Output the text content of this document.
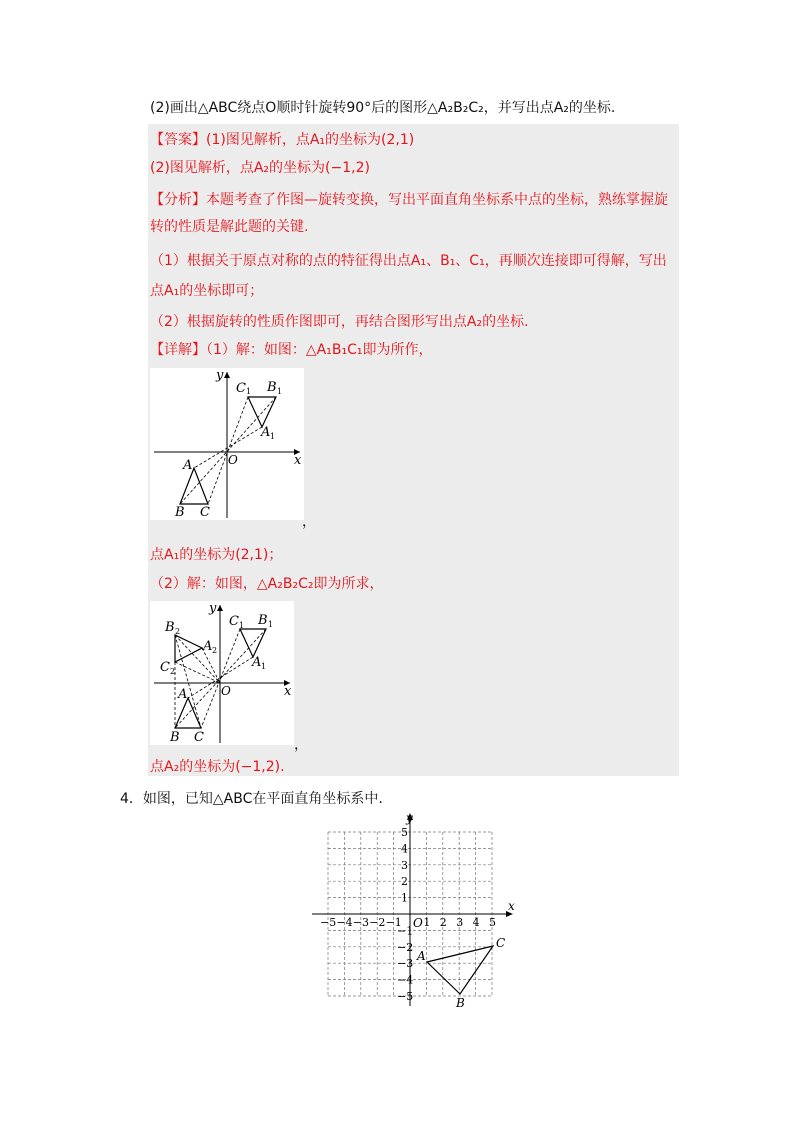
(2)画出△ABC绕点O顺时针旋转90°后的图形△A₂B₂C₂，并写出点A₂的坐标.
【答案】(1)图见解析，点A₁的坐标为(2,1)
(2)图见解析，点A₂的坐标为(−1,2)
【分析】本题考查了作图—旋转变换，写出平面直角坐标系中点的坐标，熟练掌握旋
转的性质是解此题的关键.
（1）根据关于原点对称的点的特征得出点A₁、B₁、C₁，再顺次连接即可得解，写出
点A₁的坐标即可；
（2）根据旋转的性质作图即可，再结合图形写出点A₂的坐标.
【详解】（1）解：如图：△A₁B₁C₁即为所作，
y
x
O
C 1 B 1
A 1
A
B C
，
点A₁的坐标为(2,1)；
（2）解：如图，△A₂B₂C₂即为所求，
y
x
O
C 1 B 1
A 1
B 2
A 2
C 2
A
B C	，
点A₂的坐标为(−1,2).
4．如图，已知△ABC在平面直角坐标系中.
−5 −4 −3 −2 −1 1 2 3 4 5
5
4
3
2
1
−1
−2
−3
−4
−5
y
x
O
A
B
C
